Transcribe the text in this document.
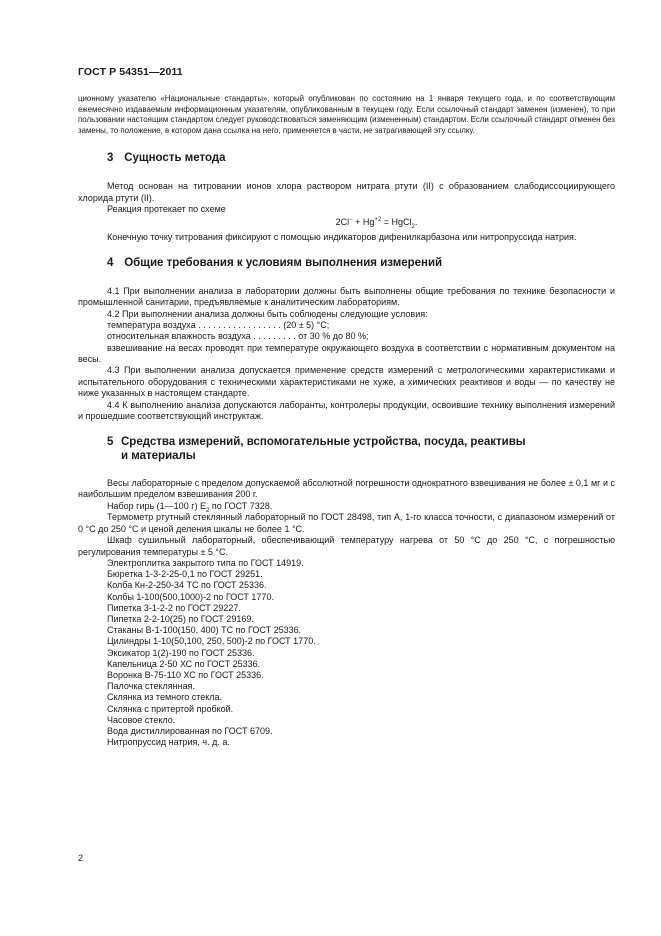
ГОСТ Р 54351—2011

ционному указателю «Национальные стандарты», который опубликован по состоянию на 1 января текущего года, и по соответствующим ежемесячно издаваемым информационным указателям, опубликованным в текущем году. Если ссылочный стандарт заменен (изменен), то при пользовании настоящим стандартом следует руководствоваться заменяющим (измененным) стандартом. Если ссылочный стандарт отменен без замены, то положение, в котором дана ссылка на него, применяется в части, не затрагивающей эту ссылку.

3 Сущность метода

Метод основан на титровании ионов хлора раствором нитрата ртути (II) с образованием слабодиссоциирующего хлорида ртути (II).

Реакция протекает по схеме

$2Cl^- + Hg^{+2}$ = HgCl$_2$.

Конечную точку титрования фиксируют с помощью индикаторов дифенилкарбазона или нитропруссида натрия.

4 Общие требования к условиям выполнения измерений

4.1 При выполнении анализа в лаборатории должны быть выполнены общие требования по технике безопасности и промышленной санитарии, предъявляемые к аналитическим лабораториям.

4.2 При выполнении анализа должны быть соблюдены следующие условия:

температура воздуха . . . . . . . . . . . . . . . . . (20 ± 5) °С;

относительная влажность воздуха . . . . . . . . . от 30 % до 80 %;

взвешивание на весах проводят при температуре окружающего воздуха в соответствии с нормативным документом на весы.

4.3 При выполнении анализа допускается применение средств измерений с метрологическими характеристиками и испытательного оборудования с техническими характеристиками не хуже, а химических реактивов и воды — по качеству не ниже указанных в настоящем стандарте.

4.4 К выполнению анализа допускаются лаборанты, контролеры продукции, освоившие технику выполнения измерений и прошедшие соответствующий инструктаж.

5 Средства измерений, вспомогательные устройства, посуда, реактивы
и материалы

Весы лабораторные с пределом допускаемой абсолютной погрешности однократного взвешивания не более ± 0,1 мг и с наибольшим пределом взвешивания 200 г.

Набор гирь (1—100 г) $Е_2$ по ГОСТ 7328.

Термометр ртутный стеклянный лабораторный по ГОСТ 28498, тип А, 1-го класса точности, с диапазоном измерений от 0 °С до 250 °С и ценой деления шкалы не более 1 °С.

Шкаф сушильный лабораторный, обеспечивающий температуру нагрева от 50 °С до 250 °С, с погрешностью регулирования температуры ± 5 °С.

Электроплитка закрытого типа по ГОСТ 14919.

Бюретка 1-3-2-25-0,1 по ГОСТ 29251.

Колба Кн-2-250-34 ТС по ГОСТ 25336.

Колбы 1-100(500,1000)-2 по ГОСТ 1770.

Пипетка 3-1-2-2 по ГОСТ 29227.

Пипетка 2-2-10(25) по ГОСТ 29169.

Стаканы В-1-100(150, 400) ТС по ГОСТ 25336.

Цилиндры 1-10(50,100, 250, 500)-2 по ГОСТ 1770.

Эксикатор 1(2)-190 по ГОСТ 25336.

Капельница 2-50 ХС по ГОСТ 25336.

Воронка В-75-110 ХС по ГОСТ 25336.

Палочка стеклянная.

Склянка из темного стекла.

Склянка с притертой пробкой.

Часовое стекло.

Вода дистиллированная по ГОСТ 6709.

Нитропруссид натрия, ч. д. а.

2
